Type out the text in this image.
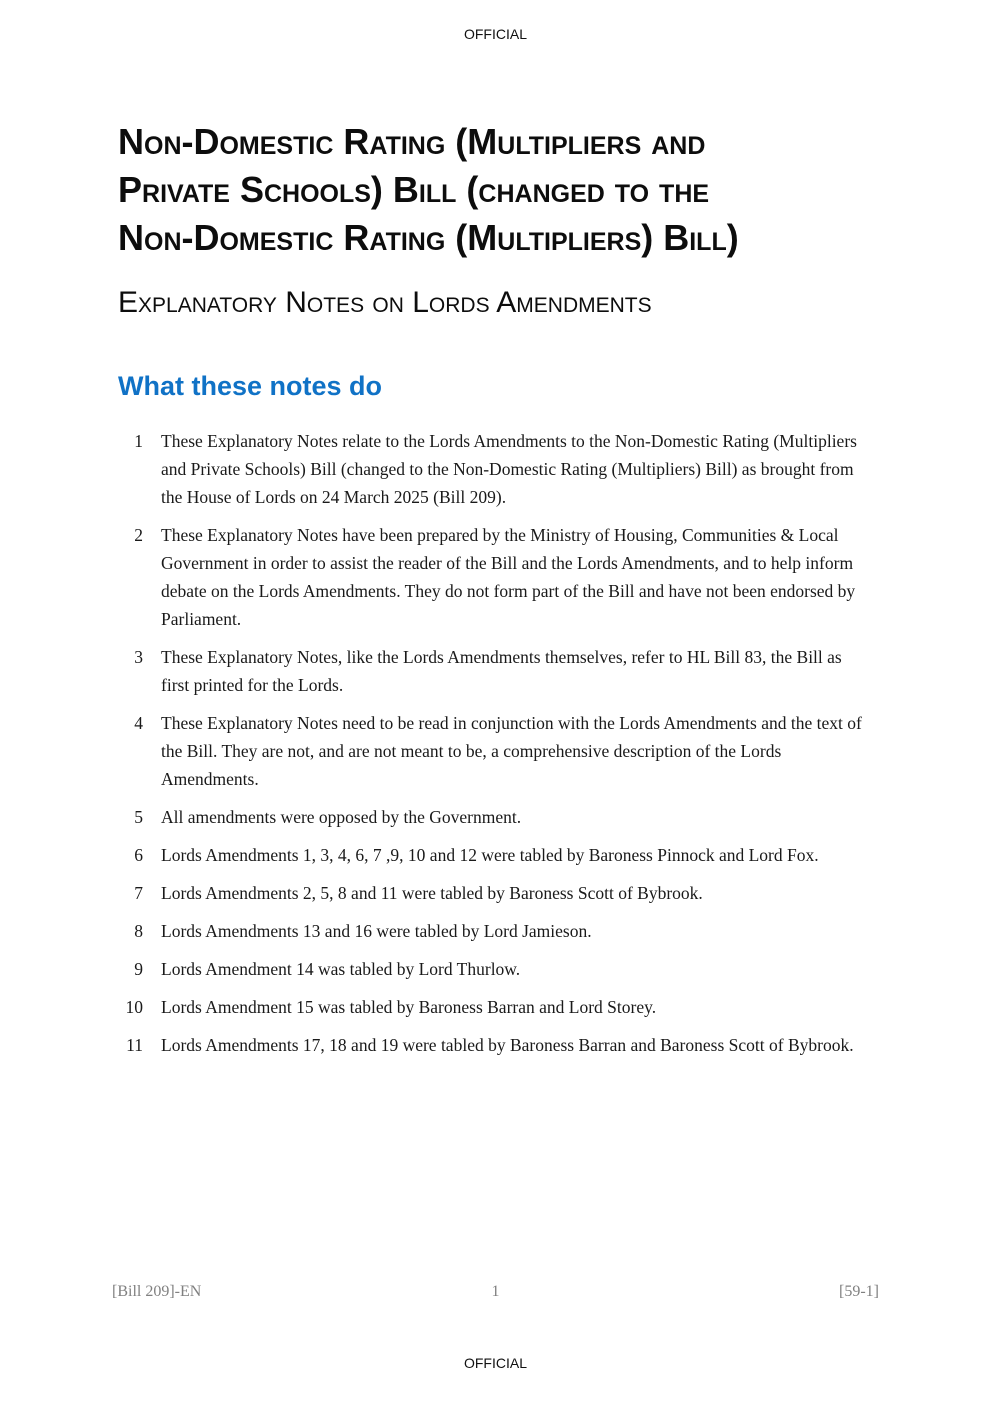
OFFICIAL
Non-Domestic Rating (Multipliers and
Private Schools) Bill (changed to the
Non-Domestic Rating (Multipliers) Bill)
Explanatory Notes on Lords Amendments
What these notes do
1 These Explanatory Notes relate to the Lords Amendments to the Non-Domestic Rating (Multipliers and Private Schools) Bill (changed to the Non-Domestic Rating (Multipliers) Bill) as brought from the House of Lords on 24 March 2025 (Bill 209).
2 These Explanatory Notes have been prepared by the Ministry of Housing, Communities & Local Government in order to assist the reader of the Bill and the Lords Amendments, and to help inform debate on the Lords Amendments. They do not form part of the Bill and have not been endorsed by Parliament.
3 These Explanatory Notes, like the Lords Amendments themselves, refer to HL Bill 83, the Bill as first printed for the Lords.
4 These Explanatory Notes need to be read in conjunction with the Lords Amendments and the text of the Bill. They are not, and are not meant to be, a comprehensive description of the Lords Amendments.
5 All amendments were opposed by the Government.
6 Lords Amendments 1, 3, 4, 6, 7 ,9, 10 and 12 were tabled by Baroness Pinnock and Lord Fox.
7 Lords Amendments 2, 5, 8 and 11 were tabled by Baroness Scott of Bybrook.
8 Lords Amendments 13 and 16 were tabled by Lord Jamieson.
9 Lords Amendment 14 was tabled by Lord Thurlow.
10 Lords Amendment 15 was tabled by Baroness Barran and Lord Storey.
11 Lords Amendments 17, 18 and 19 were tabled by Baroness Barran and Baroness Scott of Bybrook.
[Bill 209]-EN	1	[59-1]
OFFICIAL
